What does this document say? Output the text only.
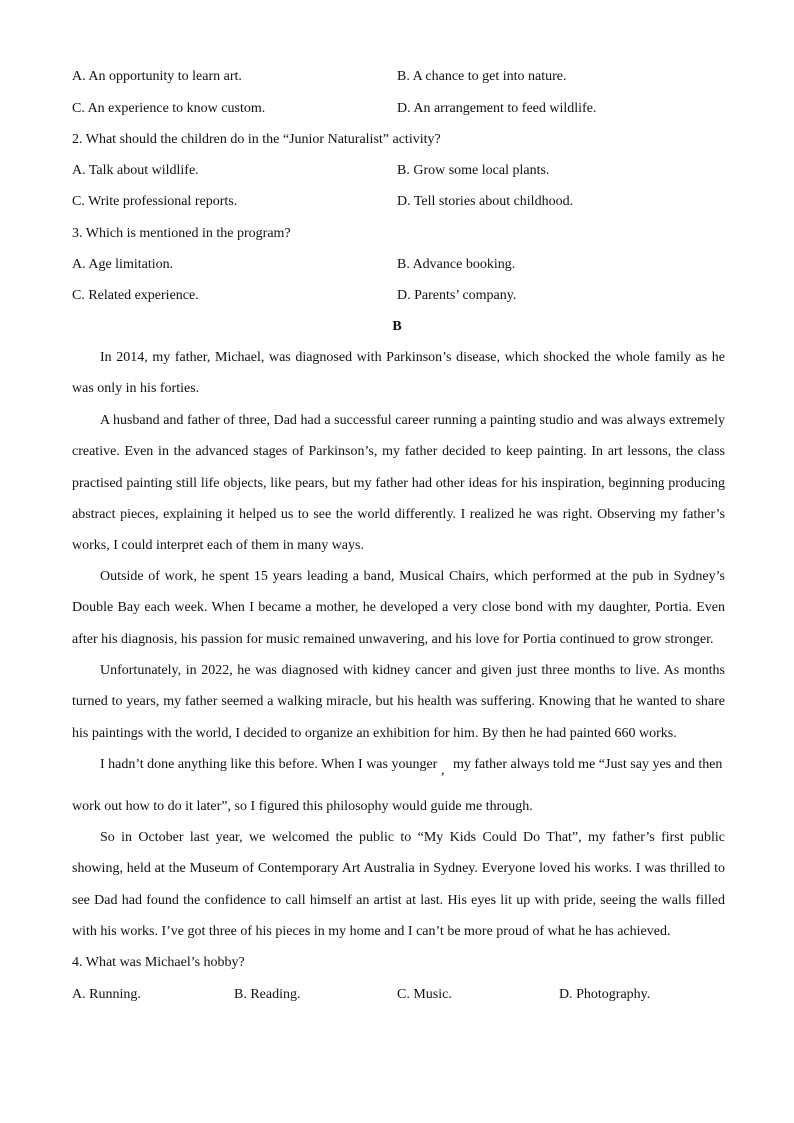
A. An opportunity to learn art.	B. A chance to get into nature.
C. An experience to know custom.	D. An arrangement to feed wildlife.
2. What should the children do in the “Junior Naturalist” activity?
A. Talk about wildlife.	B. Grow some local plants.
C. Write professional reports.	D. Tell stories about childhood.
3. Which is mentioned in the program?
A. Age limitation.	B. Advance booking.
C. Related experience.	D. Parents’ company.
B

In 2014, my father, Michael, was diagnosed with Parkinson’s disease, which shocked the whole family as he was only in his forties.

A husband and father of three, Dad had a successful career running a painting studio and was always extremely creative. Even in the advanced stages of Parkinson’s, my father decided to keep painting. In art lessons, the class practised painting still life objects, like pears, but my father had other ideas for his inspiration, beginning producing abstract pieces, explaining it helped us to see the world differently. I realized he was right. Observing my father’s works, I could interpret each of them in many ways.

Outside of work, he spent 15 years leading a band, Musical Chairs, which performed at the pub in Sydney’s Double Bay each week. When I became a mother, he developed a very close bond with my daughter, Portia. Even after his diagnosis, his passion for music remained unwavering, and his love for Portia continued to grow stronger.

Unfortunately, in 2022, he was diagnosed with kidney cancer and given just three months to live. As months turned to years, my father seemed a walking miracle, but his health was suffering. Knowing that he wanted to share his paintings with the world, I decided to organize an exhibition for him. By then he had painted 660 works.

I hadn’t done anything like this before. When I was younger , my father always told me “Just say yes and then
work out how to do it later”, so I figured this philosophy would guide me through.

So in October last year, we welcomed the public to “My Kids Could Do That”, my father’s first public showing, held at the Museum of Contemporary Art Australia in Sydney. Everyone loved his works. I was thrilled to see Dad had found the confidence to call himself an artist at last. His eyes lit up with pride, seeing the walls filled with his works. I’ve got three of his pieces in my home and I can’t be more proud of what he has achieved.

4. What was Michael’s hobby?
A. Running.	B. Reading.	C. Music.	D. Photography.
